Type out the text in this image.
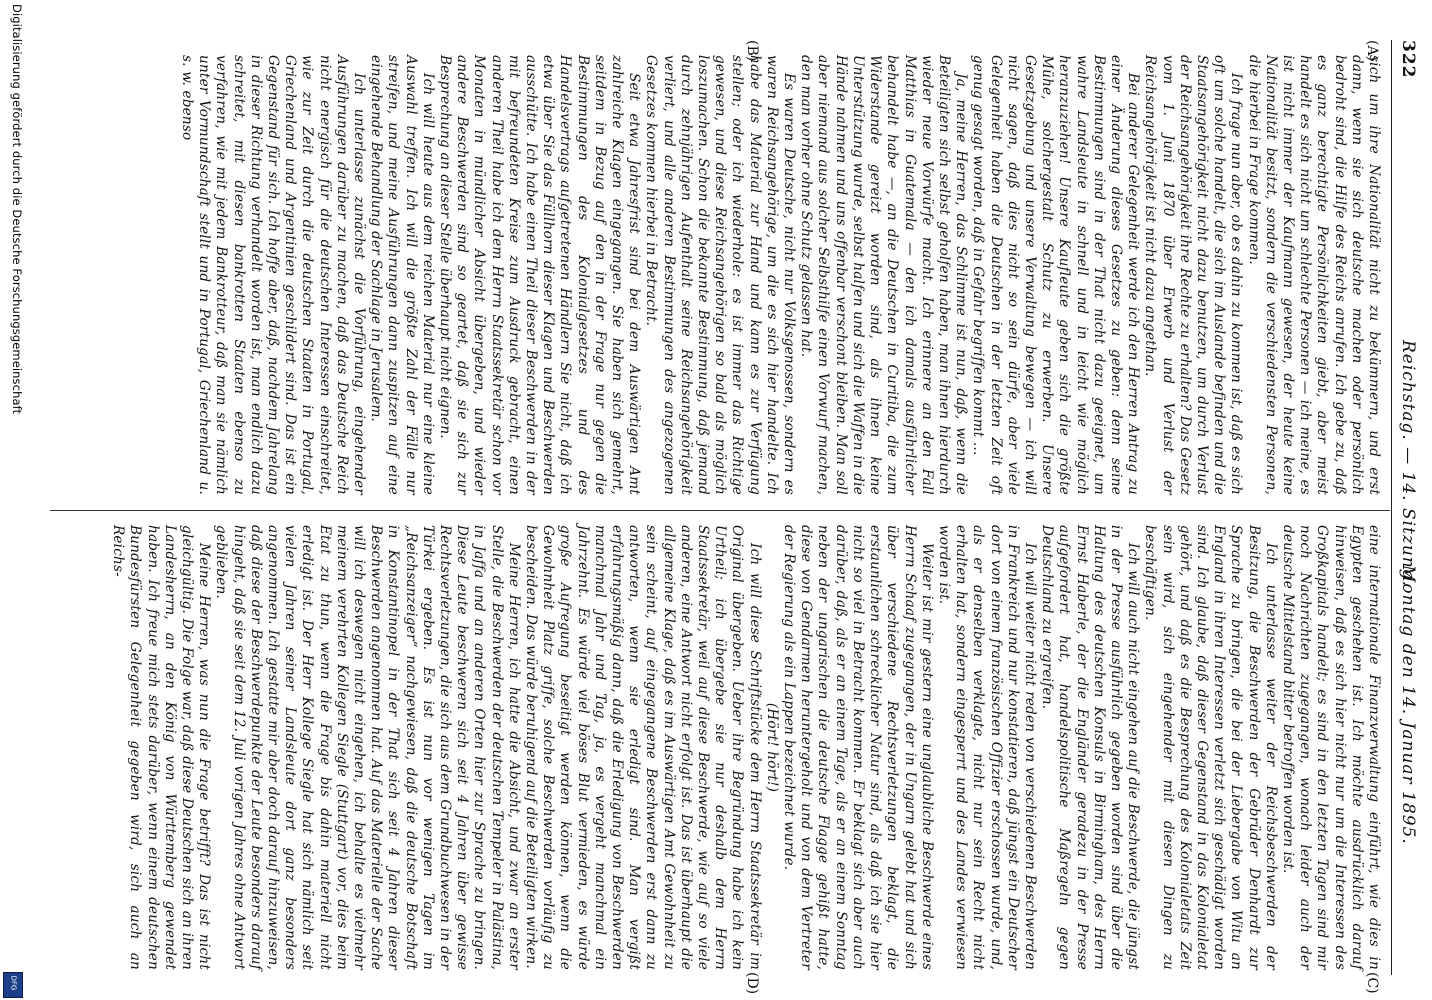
322
Reichstag. — 14. Sitzung.
Montag den 14. Januar 1895.
(A)
(B)
(C)
(D)

sich um ihre Nationalität nicht zu bekümmern, und erst dann, wenn sie sich deutsche machen oder persönlich bedroht sind, die Hilfe des Reichs anrufen. Ich gebe zu, daß es ganz berechtigte Persönlichkeiten giebt, aber meist handelt es sich nicht um schlechte Personen — ich meine, es ist nicht immer der Kaufmann gewesen, der heute keine Nationalität besitzt, sondern die verschiedensten Personen, die hierbei in Frage kommen.

Ich frage nun aber, ob es dahin zu kommen ist, daß es sich oft um solche handelt, die sich im Auslande befinden und die Staatsangehörigkeit nicht dazu benutzen, um durch Verlust der Reichsangehörigkeit ihre Rechte zu erhalten? Das Gesetz vom 1. Juni 1870 über Erwerb und Verlust der Reichsangehörigkeit ist nicht dazu angethan.

Bei anderer Gelegenheit werde ich den Herren Antrag zu einer Änderung dieses Gesetzes zu geben: denn seine Bestimmungen sind in der That nicht dazu geeignet, um wahre Landsleute in schnell und in leicht wie möglich heranzuziehen! Unsere Kaufleute geben sich die größte Mühe, solchergestalt Schutz zu erwerben. Unsere Gesetzgebung und unsere Verwaltung bewegen — ich will nicht sagen, daß dies nicht so sein dürfe, aber viele Gelegenheit haben die Deutschen in der letzten Zeit oft genug gesagt worden, daß in Gefahr begriffen kommt ...

Ja, meine Herren, das Schlimme ist nun, daß, wenn die Beteiligten sich selbst geholfen haben, man ihnen hierdurch wieder neue Vorwürfe macht. Ich erinnere an den Fall Matthias in Guatemala — den ich damals ausführlicher behandelt habe —, an die Deutschen in Curitiba, die zum Widerstande gereizt worden sind, als ihnen keine Unterstützung wurde, selbst halfen und sich die Waffen in die Hände nahmen und uns offenbar verschont bleiben. Man soll aber niemand aus solcher Selbsthilfe einen Vorwurf machen, den man vorher ohne Schutz gelassen hat.

Es waren Deutsche, nicht nur Volksgenossen, sondern es waren Reichsangehörige, um die es sich hier handelte. Ich habe das Material zur Hand und kann es zur Verfügung stellen; oder ich wiederhole: es ist immer das Richtige gewesen, und diese Reichsangehörigen so bald als möglich loszumachen. Schon die bekannte Bestimmung, daß jemand durch zehnjährigen Aufenthalt seine Reichsangehörigkeit verliert, und alle anderen Bestimmungen des angezogenen Gesetzes kommen hierbei in Betracht.

Seit etwa Jahresfrist sind bei dem Auswärtigen Amt zahlreiche Klagen eingegangen. Sie haben sich gemehrt, seitdem in Bezug auf den in der Frage nur gegen die Bestimmungen des Kolonialgesetzes und des Handelsvertrags aufgetretenen Händlern Sie nicht, daß ich etwa über Sie das Füllhorn dieser Klagen und Beschwerden ausschütte. Ich habe einen Theil dieser Beschwerden in der mit befreundeten Kreise zum Ausdruck gebracht, einen anderen Theil habe ich dem Herrn Staatssekretär schon vor Monaten in mündlicher Absicht übergeben, und wieder andere Beschwerden sind so geartet, daß sie sich zur Besprechung an dieser Stelle überhaupt nicht eignen.

Ich will heute aus dem reichen Material nur eine kleine Auswahl treffen. Ich will die größte Zahl der Fälle nur streifen, und meine Ausführungen dann zuspitzen auf eine eingehende Behandlung der Sachlage in Jerusalem.

Ich unterlasse zunächst die Vorführung, eingehender Ausführungen darüber zu machen, daß das Deutsche Reich nicht energisch für die deutschen Interessen einschreitet, wie zur Zeit durch die deutschen Staaten in Portugal, Griechenland und Argentinien geschildert sind. Das ist ein Gegenstand für sich. Ich hoffe aber, daß, nachdem Jahrelang in dieser Richtung verhandelt worden ist, man endlich dazu schreitet, mit diesen bankrotten Staaten ebenso zu verfahren, wie mit jedem Bankrotteur, daß man sie nämlich unter Vormundschaft stellt und in Portugal, Griechenland u. s. w. ebenso

eine internationale Finanzverwaltung einführt, wie dies in Egypten geschehen ist. Ich möchte ausdrücklich darauf hinweisen, daß es sich hier nicht nur um die Interessen des Großkapitals handelt; es sind in den letzten Tagen sind mir noch Nachrichten zugegangen, wonach leider auch der deutsche Mittelstand bitter betroffen worden ist.

Ich unterlasse weiter der Reichsbeschwerden der Besitzung, die Beschwerden der Gebrüder Denhardt zur Sprache zu bringen, die bei der Liebergabe von Witu an England in ihren Interessen verletzt sich geschädigt worden sind. Ich glaube, daß dieser Gegenstand in das Kolonialetat gehört, und daß es die Besprechung des Kolonialetats Zeit sein wird, sich eingehender mit diesen Dingen zu beschäftigen.

Ich will auch nicht eingehen auf die Beschwerde, die jüngst in der Presse ausführlich gegeben worden sind über die Haltung des deutschen Konsuls in Birmingham, des Herrn Ernst Haberle, der die Engländer geradezu in der Presse aufgefordert hat, handelspolitische Maßregeln gegen Deutschland zu ergreifen.

Ich will weiter nicht reden von verschiedenen Beschwerden in Frankreich und nur konstatieren, daß jüngst ein Deutscher dort von einem französischen Offizier erschossen wurde, und, als er denselben verklagte, nicht nur sein Recht nicht erhalten hat, sondern eingesperrt und des Landes verwiesen worden ist.

Weiter ist mir gestern eine unglaubliche Beschwerde eines Herrn Schaaf zugegangen, der in Ungarn gelebt hat und sich über verschiedene Rechtsverletzungen beklagt, die erstaunlichen schrecklicher Natur sind, als daß ich sie hier nicht so viel in Betracht kommen. Er beklagt sich aber auch darüber, daß, als er an einem Tage, als er an einem Sonntag neben der ungarischen die deutsche Flagge gehißt hatte, diese von Gendarmen heruntergeholt und von dem Vertreter der Regierung als ein Lappen bezeichnet wurde.

(Hört! hört!)

Ich will diese Schriftstücke dem Herrn Staatssekretär im Original übergeben. Ueber ihre Begründung habe ich kein Urtheil; ich übergebe sie nur deshalb dem Herrn Staatssekretär, weil auf diese Beschwerde, wie auf so viele anderen, eine Antwort nicht erfolgt ist. Das ist überhaupt die allgemeine Klage, daß es im Auswärtigen Amt Gewohnheit zu sein scheint, auf eingegangene Beschwerden erst dann zu antworten, wenn sie erledigt sind. Man vergißt erfahrungsmäßig dann, daß die Erledigung von Beschwerden manchmal Jahr und Tag, ja, es vergeht manchmal ein Jahrzehnt. Es würde viel böses Blut vermieden, es würde große Aufregung beseitigt werden können, wenn die Gewohnheit Platz griffe, solche Beschwerden vorläufig zu bescheiden. Das würde beruhigend auf die Beteiligten wirken.

Meine Herren, ich hatte die Absicht, und zwar an erster Stelle, die Beschwerden der deutschen Tempeler in Palästina, in Jaffa und an anderen Orten hier zur Sprache zu bringen. Diese Leute beschweren sich seit 4 Jahren über gewisse Rechtsverletzungen, die sich aus dem Grundbuchwesen in der Türkei ergeben. Es ist nun vor wenigen Tagen im „Reichsanzeiger“ nachgewiesen, daß die deutsche Botschaft in Konstantinopel in der That sich seit 4 Jahren dieser Beschwerden angenommen hat. Auf das Materielle der Sache will ich deswegen nicht eingehen, ich behalte es vielmehr meinem verehrten Kollegen Siegle (Stuttgart) vor, dies beim Etat zu thun, wenn die Frage bis dahin materiell nicht erledigt ist. Der Herr Kollege Siegle hat sich nämlich seit vielen Jahren seiner Landsleute dort ganz besonders angenommen. Ich gestatte mir aber doch darauf hinzuweisen, daß diese der Beschwerdepunkte der Leute besonders darauf hingeht, daß sie seit dem 12. Juli vorigen Jahres ohne Antwort geblieben.

Meine Herren, was nun die Frage betrifft? Das ist nicht gleichgültig. Die Folge war, daß diese Deutschen sich an ihren Landesherrn, an den König von Württemberg gewendet haben. Ich freue mich stets darüber, wenn einem deutschen Bundesfürsten Gelegenheit gegeben wird, sich auch an Reichs-

Digitalisierung gefördert durch die Deutsche Forschungsgemeinschaft
DFG
